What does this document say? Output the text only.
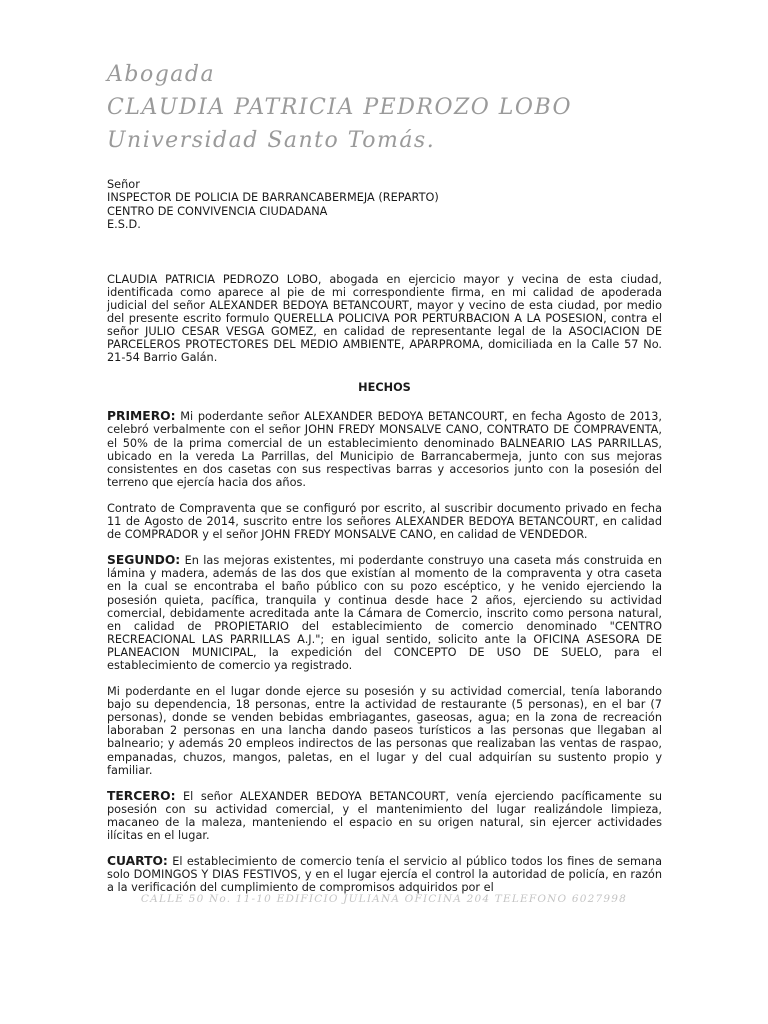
Abogada
CLAUDIA PATRICIA PEDROZO LOBO
Universidad Santo Tomás.
Señor
INSPECTOR DE POLICIA DE BARRANCABERMEJA (REPARTO)
CENTRO DE CONVIVENCIA CIUDADANA
E.S.D.

CLAUDIA PATRICIA PEDROZO LOBO, abogada en ejercicio mayor y vecina de esta ciudad, identificada como aparece al pie de mi correspondiente firma, en mi calidad de apoderada judicial del señor ALEXANDER BEDOYA BETANCOURT, mayor y vecino de esta ciudad, por medio del presente escrito formulo QUERELLA POLICIVA POR PERTURBACION A LA POSESION, contra el señor JULIO CESAR VESGA GOMEZ, en calidad de representante legal de la ASOCIACION DE PARCELEROS PROTECTORES DEL MEDIO AMBIENTE, APARPROMA, domiciliada en la Calle 57 No. 21-54 Barrio Galán.

HECHOS

PRIMERO: Mi poderdante señor ALEXANDER BEDOYA BETANCOURT, en fecha Agosto de 2013, celebró verbalmente con el señor JOHN FREDY MONSALVE CANO, CONTRATO DE COMPRAVENTA, el 50% de la prima comercial de un establecimiento denominado BALNEARIO LAS PARRILLAS, ubicado en la vereda La Parrillas, del Municipio de Barrancabermeja, junto con sus mejoras consistentes en dos casetas con sus respectivas barras y accesorios junto con la posesión del terreno que ejercía hacia dos años.

Contrato de Compraventa que se configuró por escrito, al suscribir documento privado en fecha 11 de Agosto de 2014, suscrito entre los señores ALEXANDER BEDOYA BETANCOURT, en calidad de COMPRADOR y el señor JOHN FREDY MONSALVE CANO, en calidad de VENDEDOR.

SEGUNDO: En las mejoras existentes, mi poderdante construyo una caseta más construida en lámina y madera, además de las dos que existían al momento de la compraventa y otra caseta en la cual se encontraba el baño público con su pozo escéptico, y he venido ejerciendo la posesión quieta, pacífica, tranquila y continua desde hace 2 años, ejerciendo su actividad comercial, debidamente acreditada ante la Cámara de Comercio, inscrito como persona natural, en calidad de PROPIETARIO del establecimiento de comercio denominado "CENTRO RECREACIONAL LAS PARRILLAS A.J."; en igual sentido, solicito ante la OFICINA ASESORA DE PLANEACION MUNICIPAL, la expedición del CONCEPTO DE USO DE SUELO, para el establecimiento de comercio ya registrado.

Mi poderdante en el lugar donde ejerce su posesión y su actividad comercial, tenía laborando bajo su dependencia, 18 personas, entre la actividad de restaurante (5 personas), en el bar (7 personas), donde se venden bebidas embriagantes, gaseosas, agua; en la zona de recreación laboraban 2 personas en una lancha dando paseos turísticos a las personas que llegaban al balneario; y además 20 empleos indirectos de las personas que realizaban las ventas de raspao, empanadas, chuzos, mangos, paletas, en el lugar y del cual adquirían su sustento propio y familiar.

TERCERO: El señor ALEXANDER BEDOYA BETANCOURT, venía ejerciendo pacíficamente su posesión con su actividad comercial, y el mantenimiento del lugar realizándole limpieza, macaneo de la maleza, manteniendo el espacio en su origen natural, sin ejercer actividades ilícitas en el lugar.

CUARTO: El establecimiento de comercio tenía el servicio al público todos los fines de semana solo DOMINGOS Y DIAS FESTIVOS, y en el lugar ejercía el control la autoridad de policía, en razón a la verificación del cumplimiento de compromisos adquiridos por el

CALLE 50 No. 11-10 EDIFICIO JULIANA OFICINA 204 TELEFONO 6027998
